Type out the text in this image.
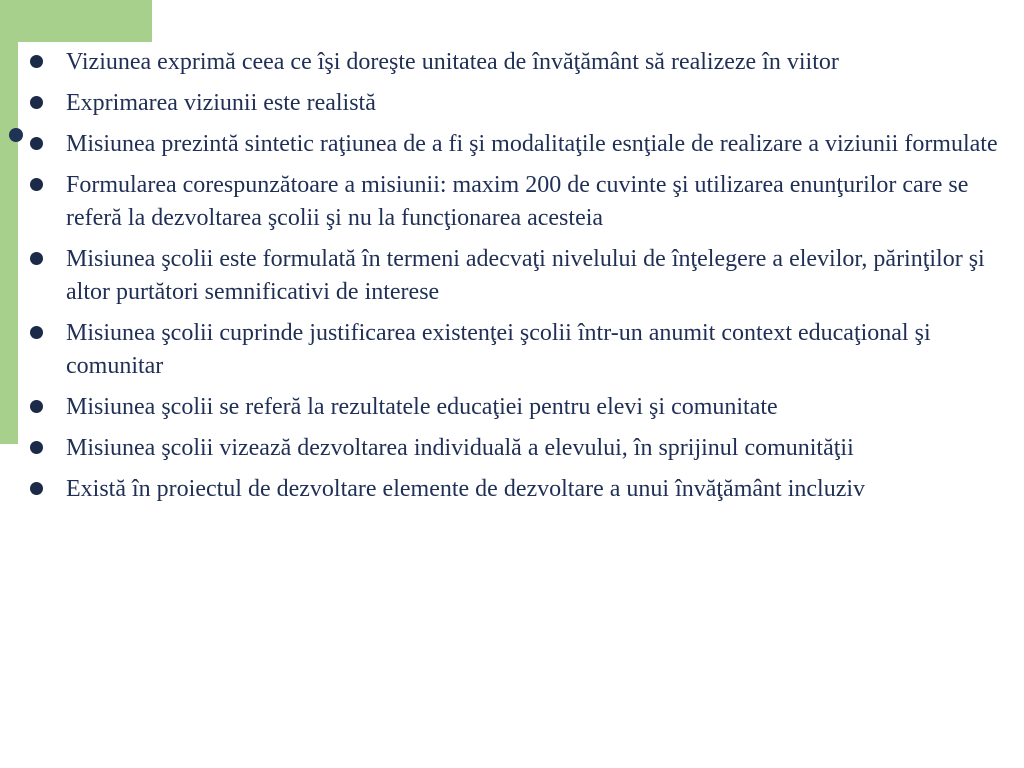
Viziunea exprimă ceea ce îşi doreşte unitatea de învăţământ să realizeze în viitor
Exprimarea viziunii este realistă
Misiunea prezintă sintetic raţiunea de a fi şi modalitaţile esnţiale de realizare a viziunii formulate
Formularea corespunzătoare a misiunii: maxim 200 de cuvinte şi utilizarea enunţurilor care se referă la dezvoltarea şcolii şi nu la funcţionarea acesteia
Misiunea şcolii este formulată în termeni adecvaţi nivelului de înţelegere a elevilor, părinţilor şi altor purtători semnificativi de interese
Misiunea şcolii cuprinde justificarea existenţei şcolii într-un anumit context educaţional şi comunitar
Misiunea şcolii se referă la rezultatele educaţiei pentru elevi şi comunitate
Misiunea şcolii vizează dezvoltarea individuală a elevului, în sprijinul comunităţii
Există în proiectul de dezvoltare elemente de dezvoltare a unui învăţământ incluziv
